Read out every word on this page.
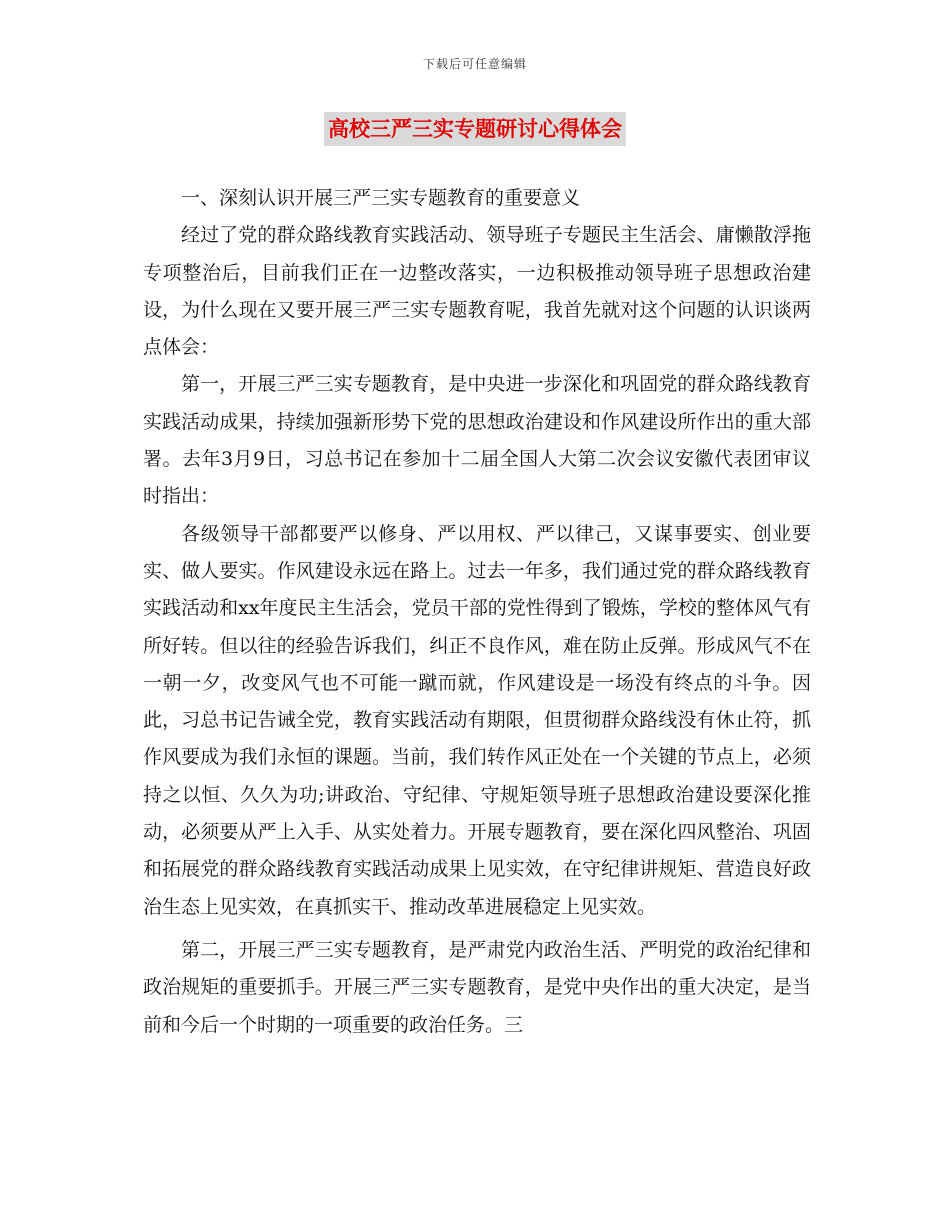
下载后可任意编辑
高校三严三实专题研讨心得体会

一、深刻认识开展三严三实专题教育的重要意义

经过了党的群众路线教育实践活动、领导班子专题民主生活会、庸懒散浮拖专项整治后，目前我们正在一边整改落实，一边积极推动领导班子思想政治建设，为什么现在又要开展三严三实专题教育呢，我首先就对这个问题的认识谈两点体会：

第一，开展三严三实专题教育，是中央进一步深化和巩固党的群众路线教育实践活动成果，持续加强新形势下党的思想政治建设和作风建设所作出的重大部署。去年3月9日，习总书记在参加十二届全国人大第二次会议安徽代表团审议时指出：

各级领导干部都要严以修身、严以用权、严以律己，又谋事要实、创业要实、做人要实。作风建设永远在路上。过去一年多，我们通过党的群众路线教育实践活动和xx年度民主生活会，党员干部的党性得到了锻炼，学校的整体风气有所好转。但以往的经验告诉我们，纠正不良作风，难在防止反弹。形成风气不在一朝一夕，改变风气也不可能一蹴而就，作风建设是一场没有终点的斗争。因此，习总书记告诫全党，教育实践活动有期限，但贯彻群众路线没有休止符，抓作风要成为我们永恒的课题。当前，我们转作风正处在一个关键的节点上，必须持之以恒、久久为功;讲政治、守纪律、守规矩领导班子思想政治建设要深化推动，必须要从严上入手、从实处着力。开展专题教育，要在深化四风整治、巩固和拓展党的群众路线教育实践活动成果上见实效，在守纪律讲规矩、营造良好政治生态上见实效，在真抓实干、推动改革进展稳定上见实效。

第二，开展三严三实专题教育，是严肃党内政治生活、严明党的政治纪律和政治规矩的重要抓手。开展三严三实专题教育，是党中央作出的重大决定，是当前和今后一个时期的一项重要的政治任务。三
